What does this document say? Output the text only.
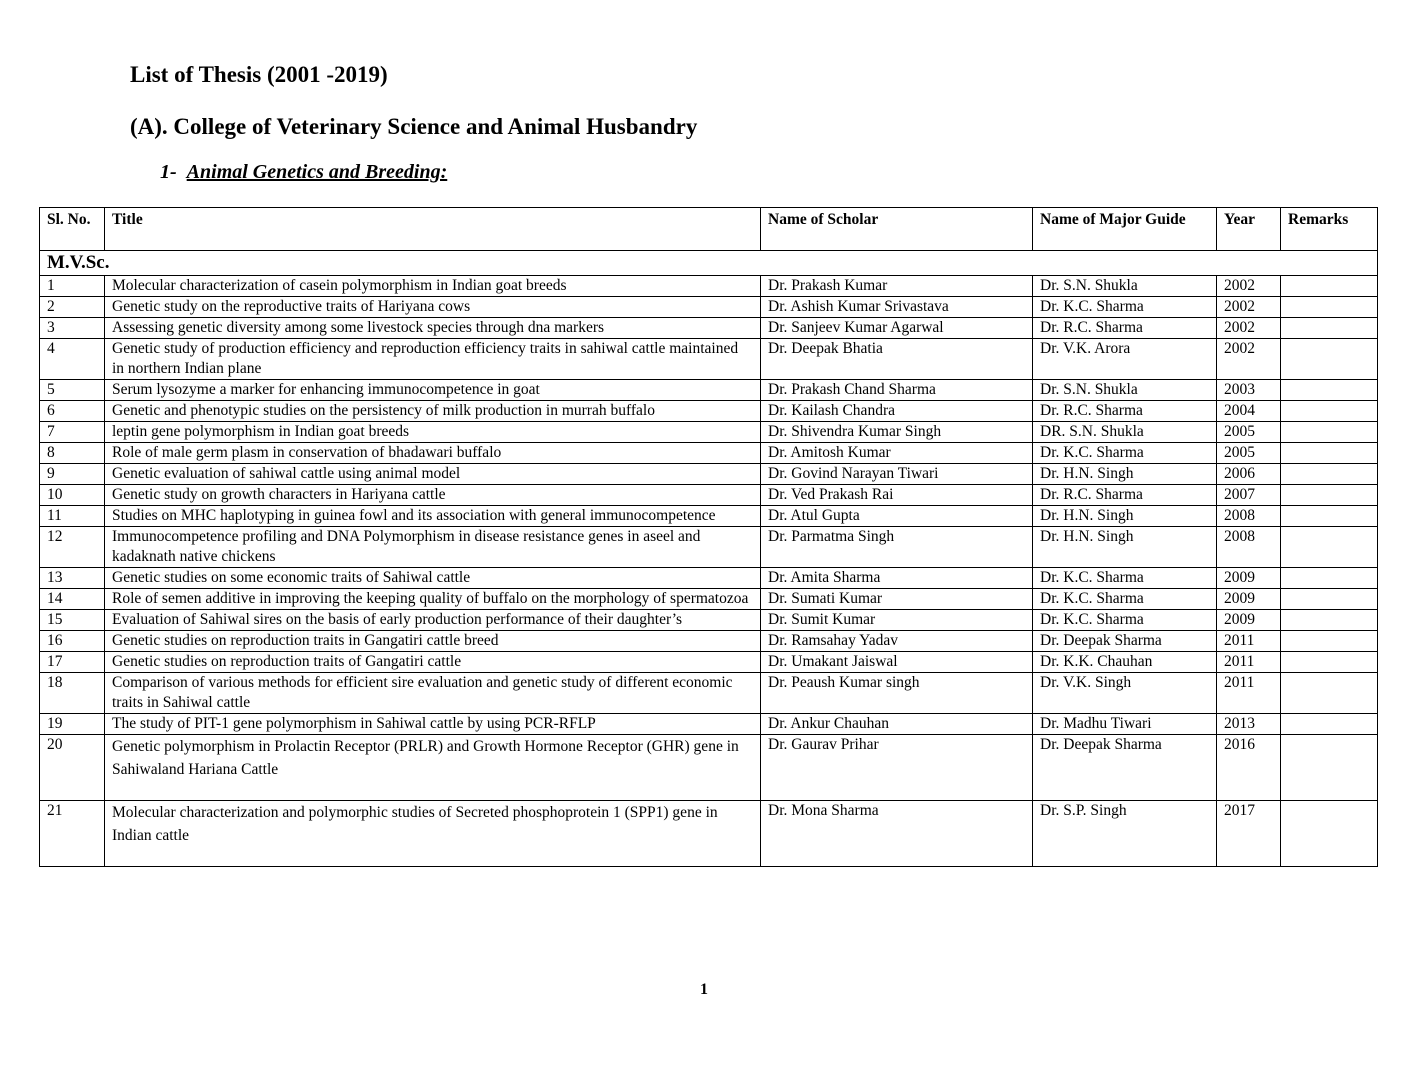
List of Thesis (2001 -2019)
(A). College of Veterinary Science and Animal Husbandry
1- Animal Genetics and Breeding:
Sl. No.	Title	Name of Scholar	Name of Major Guide	Year	Remarks
M.V.Sc.					
1	Molecular characterization of casein polymorphism in Indian goat breeds	Dr. Prakash Kumar	Dr. S.N. Shukla	2002	
2	Genetic study on the reproductive traits of Hariyana cows	Dr. Ashish Kumar Srivastava	Dr. K.C. Sharma	2002	
3	Assessing genetic diversity among some livestock species through dna markers	Dr. Sanjeev Kumar Agarwal	Dr. R.C. Sharma	2002	
4	Genetic study of production efficiency and reproduction efficiency traits in sahiwal cattle maintained in northern Indian plane	Dr. Deepak Bhatia	Dr. V.K. Arora	2002	
5	Serum lysozyme a marker for enhancing immunocompetence in goat	Dr. Prakash Chand Sharma	Dr. S.N. Shukla	2003	
6	Genetic and phenotypic studies on the persistency of milk production in murrah buffalo	Dr. Kailash Chandra	Dr. R.C. Sharma	2004	
7	leptin gene polymorphism in Indian goat breeds	Dr. Shivendra Kumar Singh	DR. S.N. Shukla	2005	
8	Role of male germ plasm in conservation of bhadawari buffalo	Dr. Amitosh Kumar	Dr. K.C. Sharma	2005	
9	Genetic evaluation of sahiwal cattle using animal model	Dr. Govind Narayan Tiwari	Dr. H.N. Singh	2006	
10	Genetic study on growth characters in Hariyana cattle	Dr. Ved Prakash Rai	Dr. R.C. Sharma	2007	
11	Studies on MHC haplotyping in guinea fowl and its association with general immunocompetence	Dr. Atul Gupta	Dr. H.N. Singh	2008	
12	Immunocompetence profiling and DNA Polymorphism in disease resistance genes in aseel and kadaknath native chickens	Dr. Parmatma Singh	Dr. H.N. Singh	2008	
13	Genetic studies on some economic traits of Sahiwal cattle	Dr. Amita Sharma	Dr. K.C. Sharma	2009	
14	Role of semen additive in improving the keeping quality of buffalo on the morphology of spermatozoa	Dr. Sumati Kumar	Dr. K.C. Sharma	2009	
15	Evaluation of Sahiwal sires on the basis of early production performance of their daughter’s	Dr. Sumit Kumar	Dr. K.C. Sharma	2009	
16	Genetic studies on reproduction traits in Gangatiri cattle breed	Dr. Ramsahay Yadav	Dr. Deepak Sharma	2011	
17	Genetic studies on reproduction traits of Gangatiri cattle	Dr. Umakant Jaiswal	Dr. K.K. Chauhan	2011	
18	Comparison of various methods for efficient sire evaluation and genetic study of different economic traits in Sahiwal cattle	Dr. Peaush Kumar singh	Dr. V.K. Singh	2011	
19	The study of PIT-1 gene polymorphism in Sahiwal cattle by using PCR-RFLP	Dr. Ankur Chauhan	Dr. Madhu Tiwari	2013	
20	Genetic polymorphism in Prolactin Receptor (PRLR) and Growth Hormone Receptor (GHR) gene in Sahiwaland Hariana Cattle	Dr. Gaurav Prihar	Dr. Deepak Sharma	2016	
21	Molecular characterization and polymorphic studies of Secreted phosphoprotein 1 (SPP1) gene in Indian cattle	Dr. Mona Sharma	Dr. S.P. Singh	2017	
1
